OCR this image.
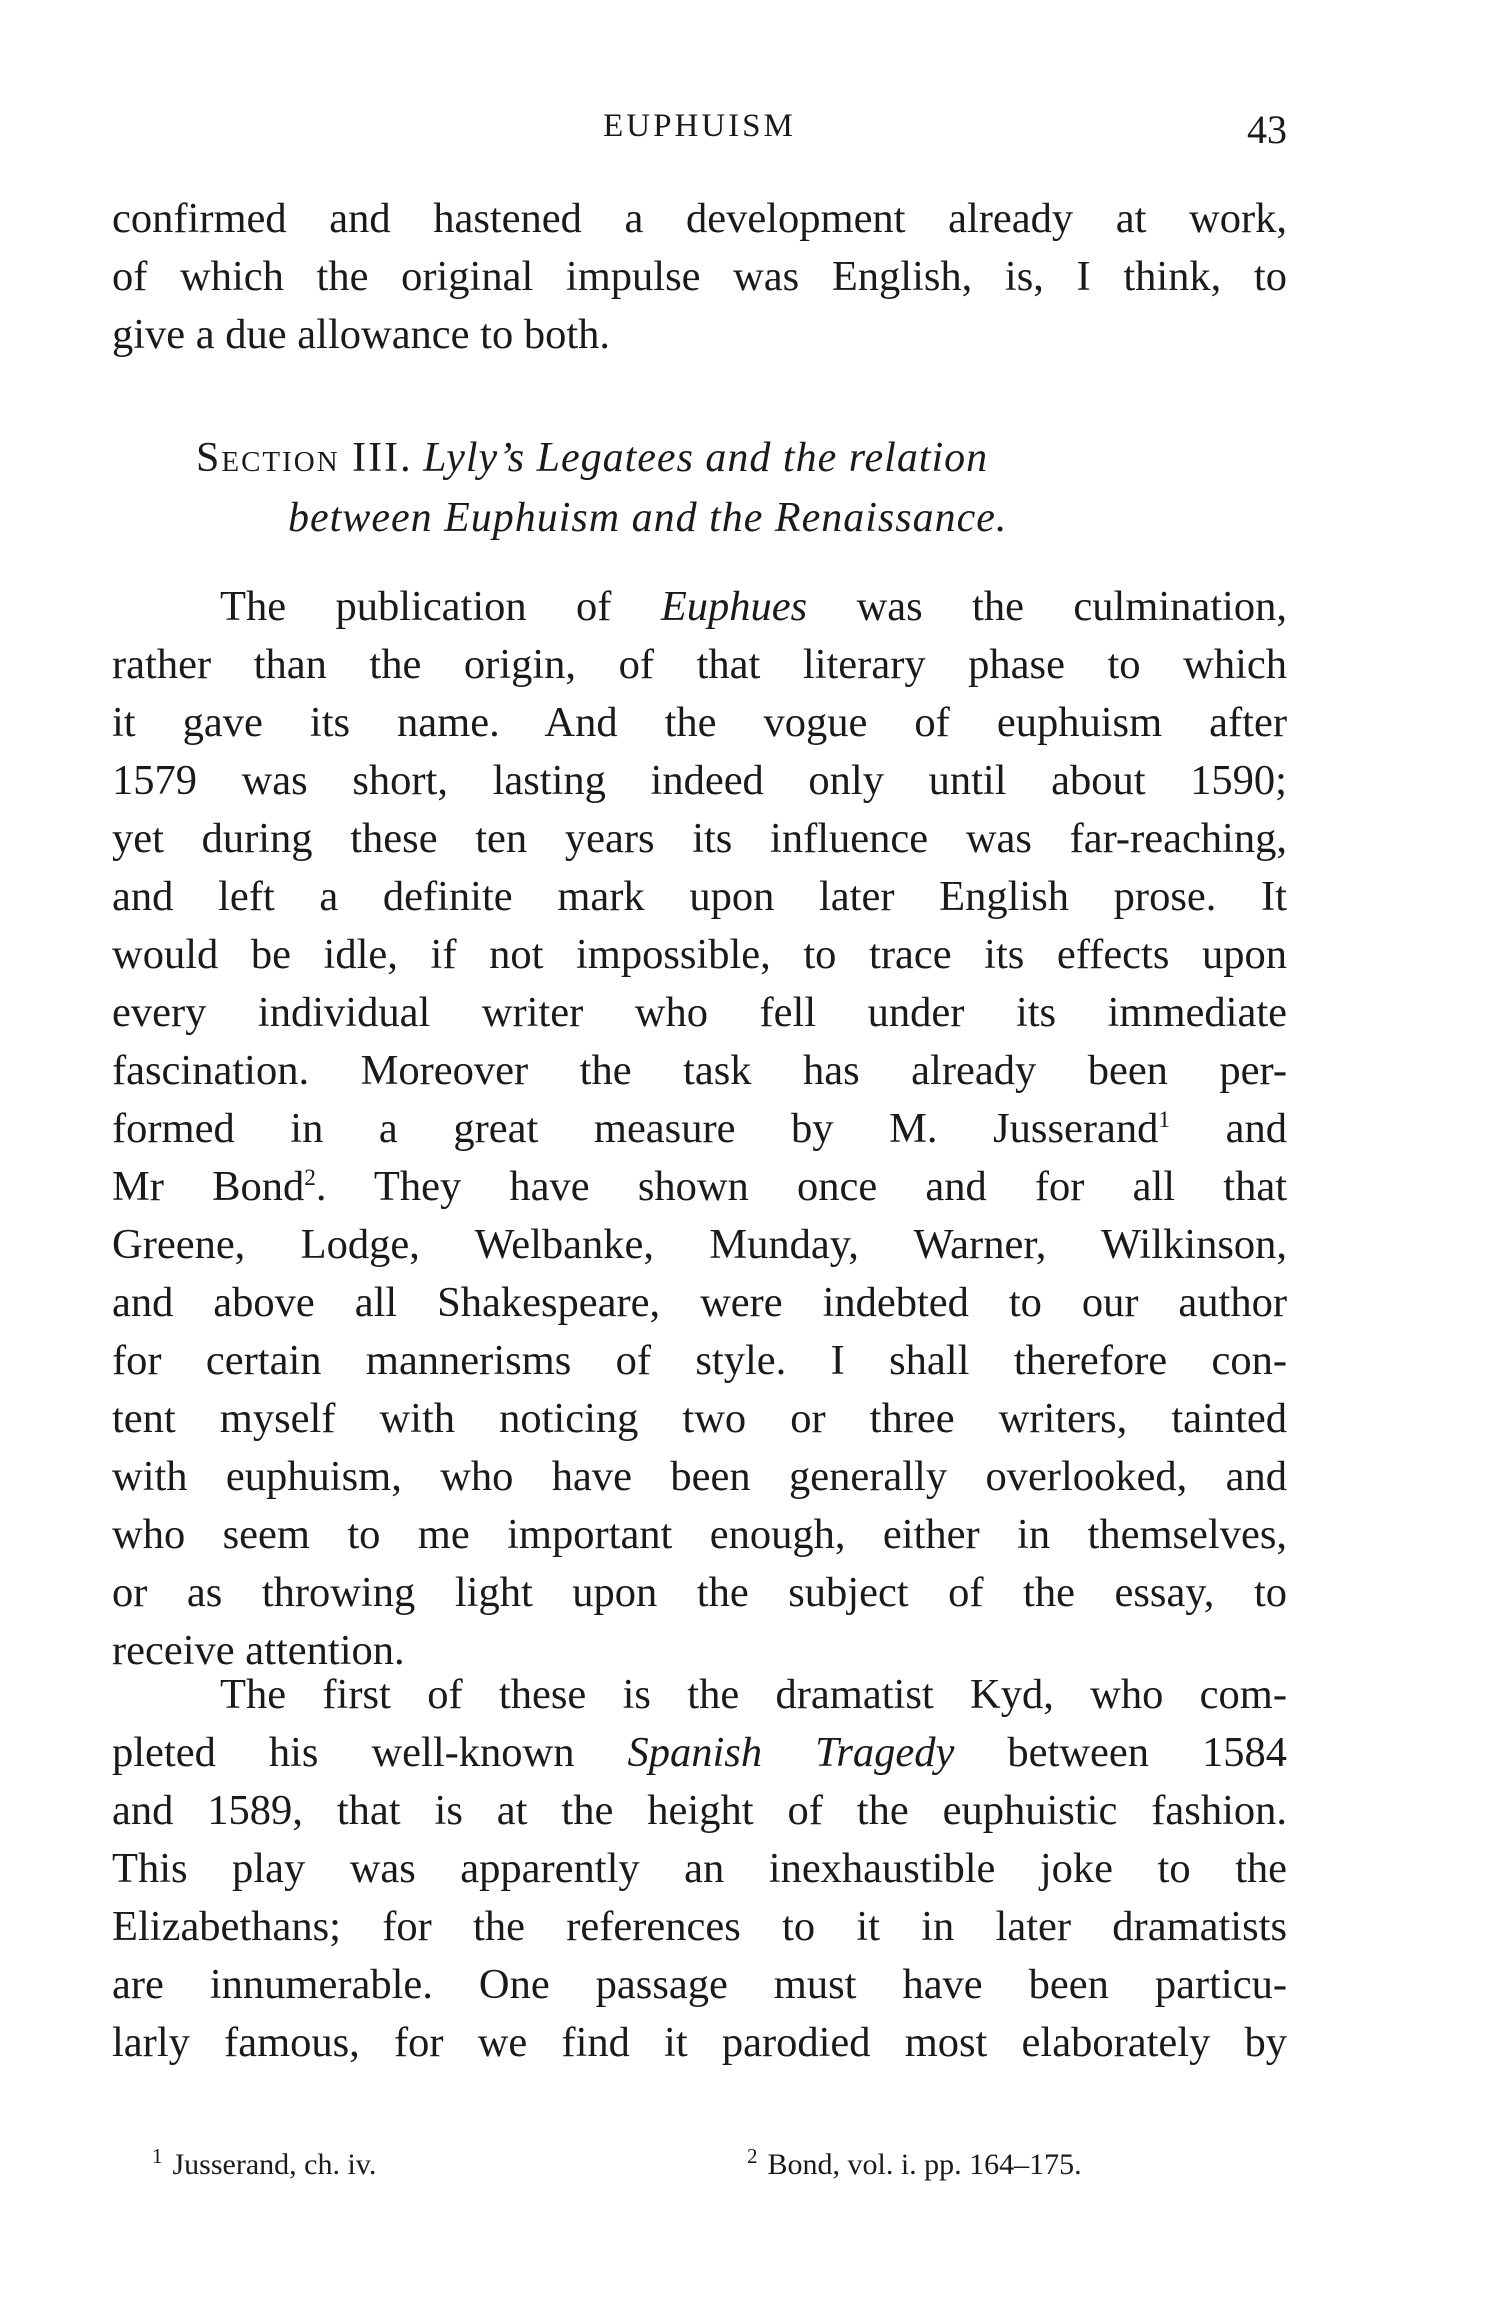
EUPHUISM	43

confirmed and hastened a development already at work,

of which the original impulse was English, is, I think, to

give a due allowance to both.

Section III. Lyly’s Legatees and the relation
between Euphuism and the Renaissance.

The publication of Euphues was the culmination,

rather than the origin, of that literary phase to which

it gave its name. And the vogue of euphuism after

1579 was short, lasting indeed only until about 1590;

yet during these ten years its influence was far-reaching,

and left a definite mark upon later English prose. It

would be idle, if not impossible, to trace its effects upon

every individual writer who fell under its immediate

fascination. Moreover the task has already been per-

formed in a great measure by M. Jusserand$^1$ and

Mr Bond$^2$. They have shown once and for all that

Greene, Lodge, Welbanke, Munday, Warner, Wilkinson,

and above all Shakespeare, were indebted to our author

for certain mannerisms of style. I shall therefore con-

tent myself with noticing two or three writers, tainted

with euphuism, who have been generally overlooked, and

who seem to me important enough, either in themselves,

or as throwing light upon the subject of the essay, to

receive attention.

The first of these is the dramatist Kyd, who com-

pleted his well-known Spanish Tragedy between 1584

and 1589, that is at the height of the euphuistic fashion.

This play was apparently an inexhaustible joke to the

Elizabethans; for the references to it in later dramatists

are innumerable. One passage must have been particu-

larly famous, for we find it parodied most elaborately by

$^1$ Jusserand, ch. iv.	$^2$ Bond, vol. i. pp. 164–175.
